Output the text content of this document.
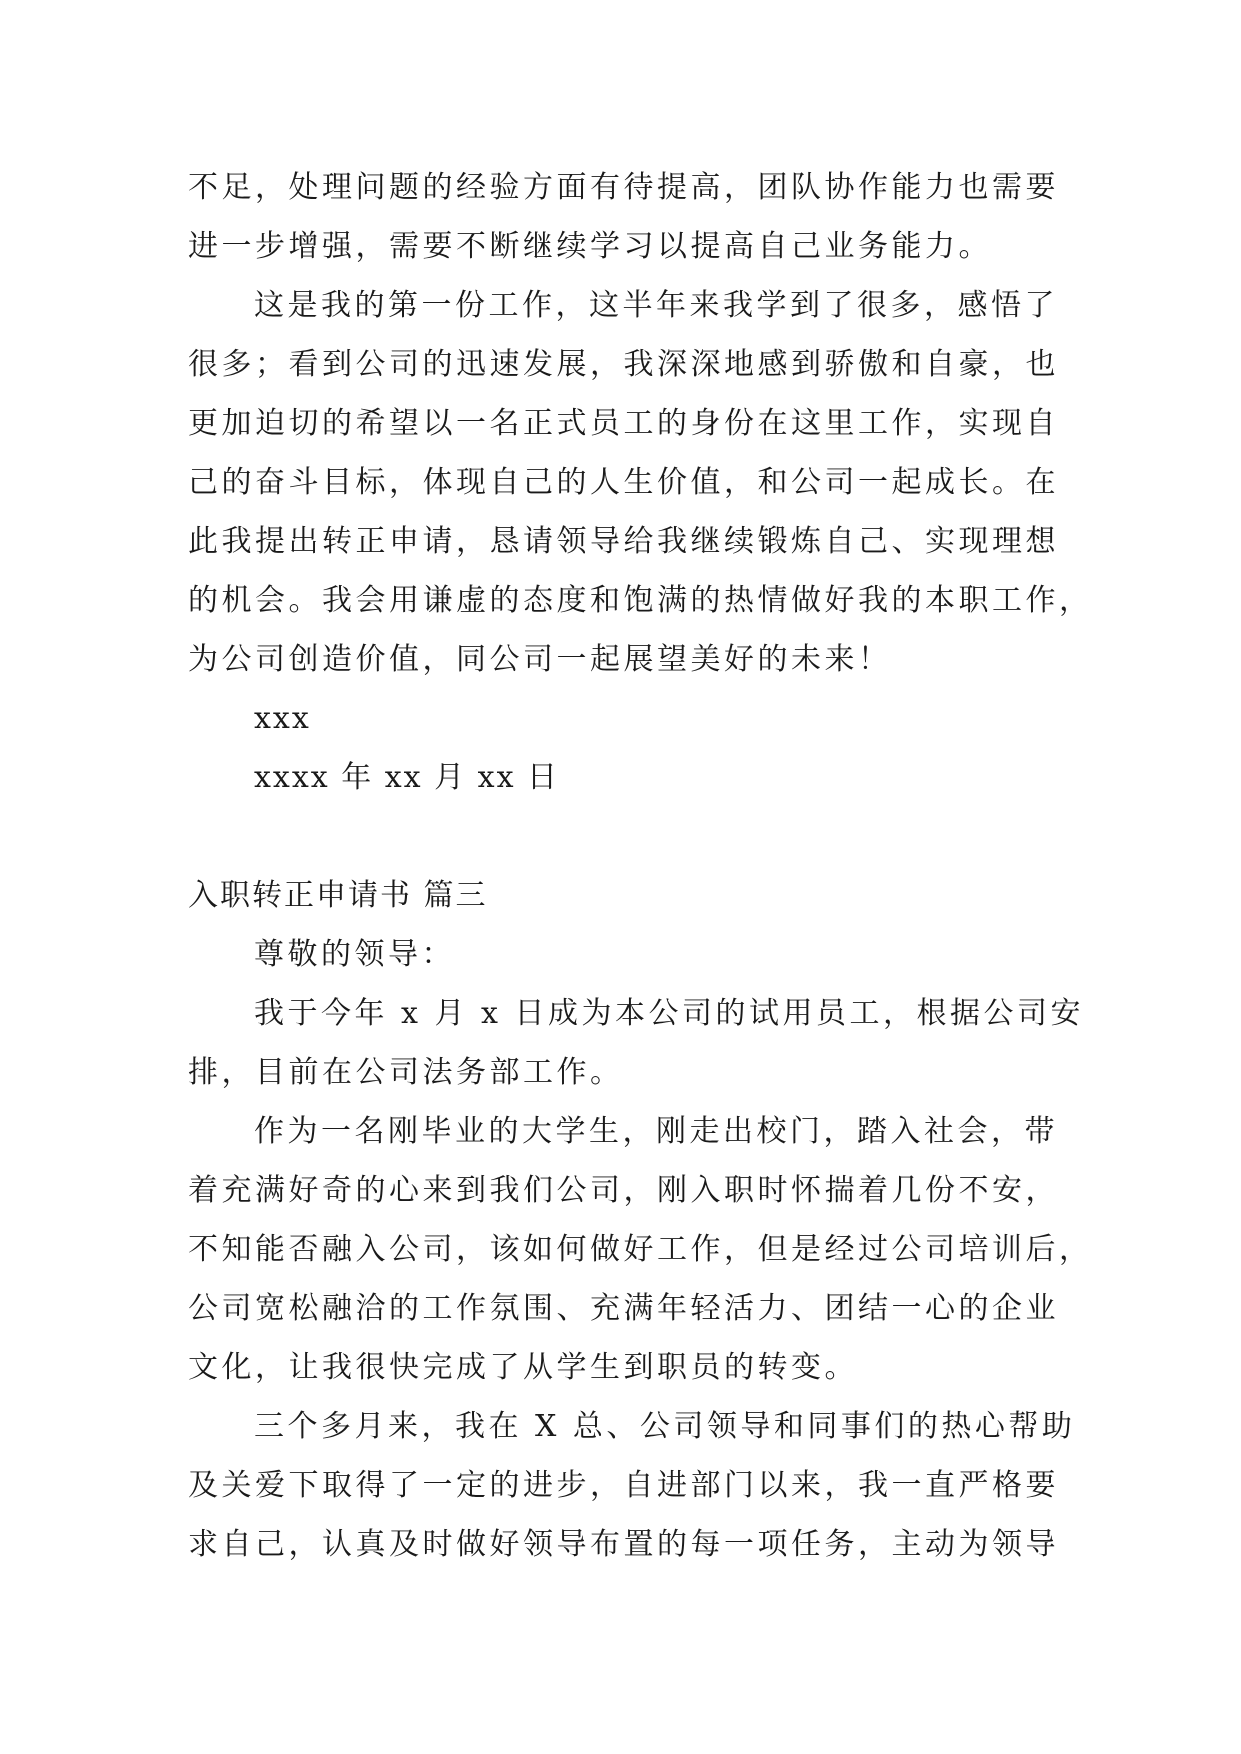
不足，处理问题的经验方面有待提高，团队协作能力也需要
进一步增强，需要不断继续学习以提高自己业务能力。
这是我的第一份工作，这半年来我学到了很多，感悟了
很多；看到公司的迅速发展，我深深地感到骄傲和自豪，也
更加迫切的希望以一名正式员工的身份在这里工作，实现自
己的奋斗目标，体现自己的人生价值，和公司一起成长。在
此我提出转正申请，恳请领导给我继续锻炼自己、实现理想
的机会。我会用谦虚的态度和饱满的热情做好我的本职工作，
为公司创造价值，同公司一起展望美好的未来！
xxx
xxxx 年 xx 月 xx 日
入职转正申请书 篇三
尊敬的领导：
我于今年 x 月 x 日成为本公司的试用员工，根据公司安
排，目前在公司法务部工作。
作为一名刚毕业的大学生，刚走出校门，踏入社会，带
着充满好奇的心来到我们公司，刚入职时怀揣着几份不安，
不知能否融入公司，该如何做好工作，但是经过公司培训后，
公司宽松融洽的工作氛围、充满年轻活力、团结一心的企业
文化，让我很快完成了从学生到职员的转变。
三个多月来，我在 X 总、公司领导和同事们的热心帮助
及关爱下取得了一定的进步，自进部门以来，我一直严格要
求自己，认真及时做好领导布置的每一项任务，主动为领导
